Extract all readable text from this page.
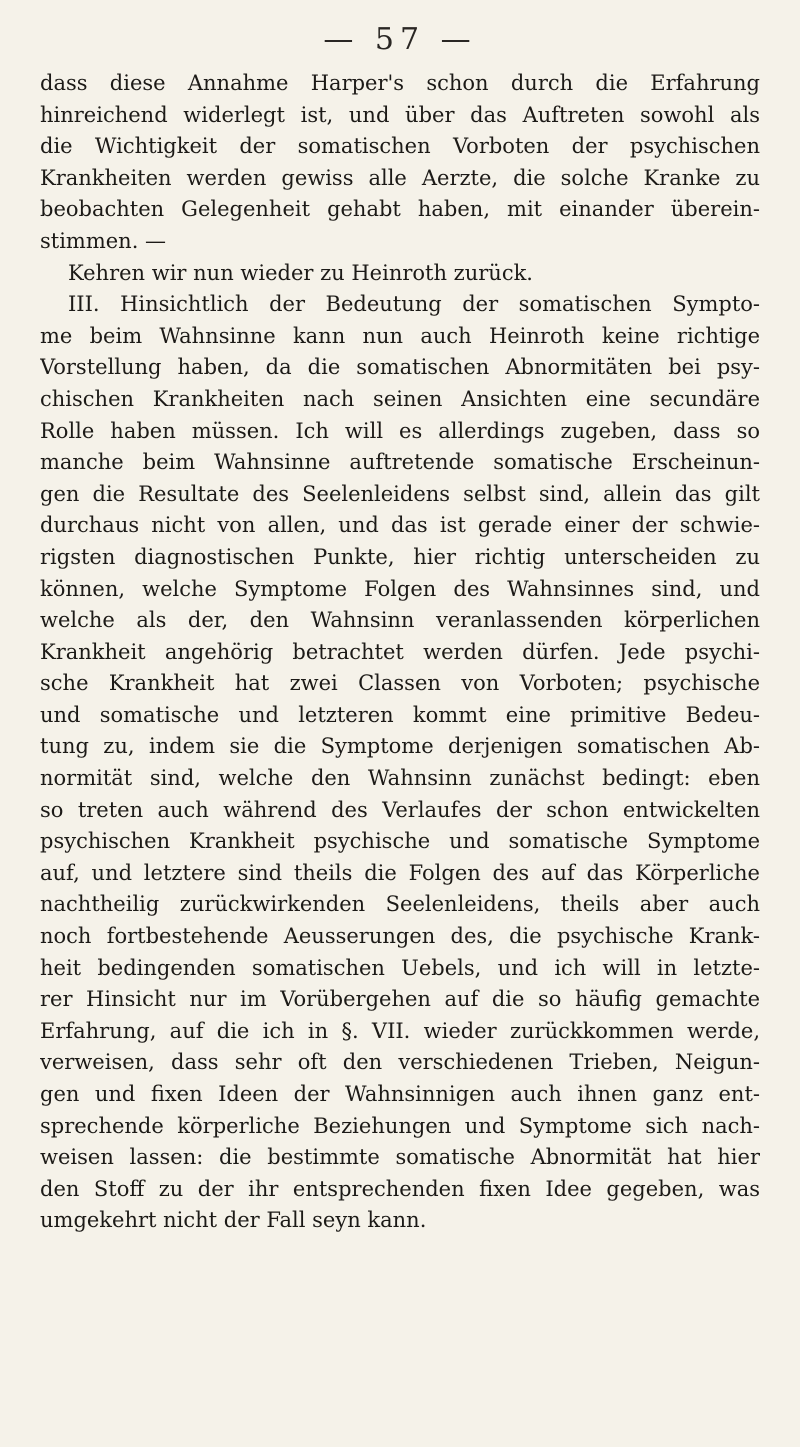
— 57 —
dass diese Annahme Harper's schon durch die Erfahrung
hinreichend widerlegt ist, und über das Auftreten sowohl als
die Wichtigkeit der somatischen Vorboten der psychischen
Krankheiten werden gewiss alle Aerzte, die solche Kranke zu
beobachten Gelegenheit gehabt haben, mit einander überein-
stimmen. —
Kehren wir nun wieder zu Heinroth zurück.
III. Hinsichtlich der Bedeutung der somatischen Sympto-
me beim Wahnsinne kann nun auch Heinroth keine richtige
Vorstellung haben, da die somatischen Abnormitäten bei psy-
chischen Krankheiten nach seinen Ansichten eine secundäre
Rolle haben müssen. Ich will es allerdings zugeben, dass so
manche beim Wahnsinne auftretende somatische Erscheinun-
gen die Resultate des Seelenleidens selbst sind, allein das gilt
durchaus nicht von allen, und das ist gerade einer der schwie-
rigsten diagnostischen Punkte, hier richtig unterscheiden zu
können, welche Symptome Folgen des Wahnsinnes sind, und
welche als der, den Wahnsinn veranlassenden körperlichen
Krankheit angehörig betrachtet werden dürfen. Jede psychi-
sche Krankheit hat zwei Classen von Vorboten; psychische
und somatische und letzteren kommt eine primitive Bedeu-
tung zu, indem sie die Symptome derjenigen somatischen Ab-
normität sind, welche den Wahnsinn zunächst bedingt: eben
so treten auch während des Verlaufes der schon entwickelten
psychischen Krankheit psychische und somatische Symptome
auf, und letztere sind theils die Folgen des auf das Körperliche
nachtheilig zurückwirkenden Seelenleidens, theils aber auch
noch fortbestehende Aeusserungen des, die psychische Krank-
heit bedingenden somatischen Uebels, und ich will in letzte-
rer Hinsicht nur im Vorübergehen auf die so häufig gemachte
Erfahrung, auf die ich in §. VII. wieder zurückkommen werde,
verweisen, dass sehr oft den verschiedenen Trieben, Neigun-
gen und fixen Ideen der Wahnsinnigen auch ihnen ganz ent-
sprechende körperliche Beziehungen und Symptome sich nach-
weisen lassen: die bestimmte somatische Abnormität hat hier
den Stoff zu der ihr entsprechenden fixen Idee gegeben, was
umgekehrt nicht der Fall seyn kann.
